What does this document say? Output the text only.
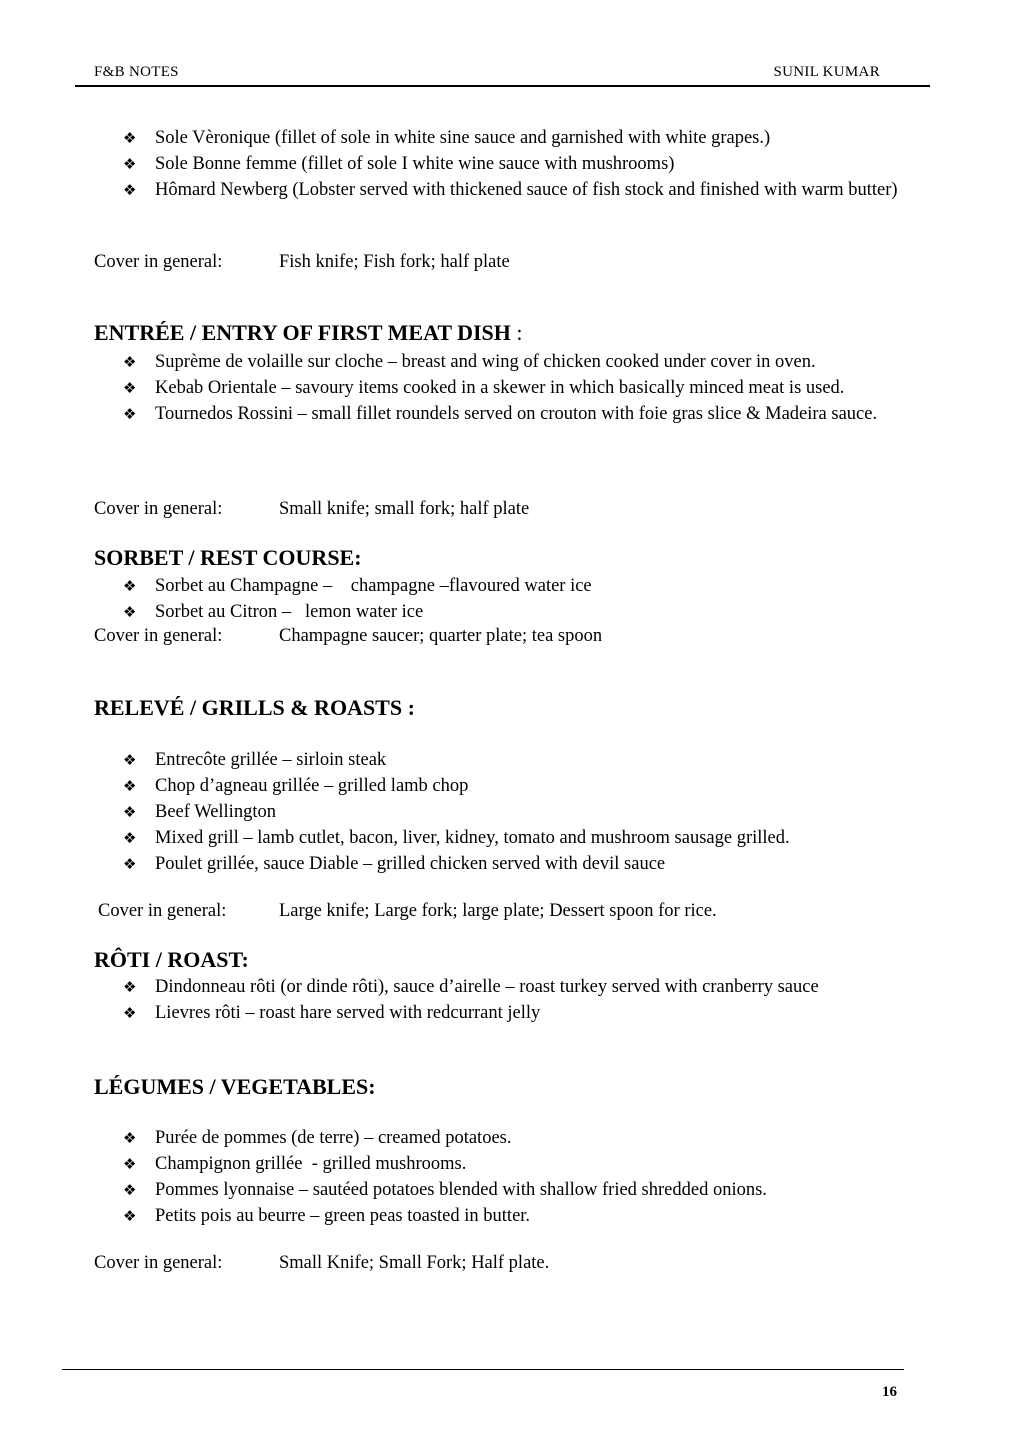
F&B NOTES	SUNIL KUMAR
❖ Sole Vèronique (fillet of sole in white sine sauce and garnished with white grapes.)
❖ Sole Bonne femme (fillet of sole I white wine sauce with mushrooms)
❖ Hômard Newberg (Lobster served with thickened sauce of fish stock and finished with warm butter)
Cover in general:	Fish knife; Fish fork; half plate
ENTRÉE / ENTRY OF FIRST MEAT DISH :
❖ Suprème de volaille sur cloche – breast and wing of chicken cooked under cover in oven.
❖ Kebab Orientale – savoury items cooked in a skewer in which basically minced meat is used.
❖ Tournedos Rossini – small fillet roundels served on crouton with foie gras slice & Madeira sauce.
Cover in general:	Small knife; small fork; half plate
SORBET / REST COURSE:
❖ Sorbet au Champagne –    champagne –flavoured water ice
❖ Sorbet au Citron –   lemon water ice
Cover in general:	Champagne saucer; quarter plate; tea spoon
RELEVÉ / GRILLS & ROASTS :
❖ Entrecôte grillée – sirloin steak
❖ Chop d’agneau grillée – grilled lamb chop
❖ Beef Wellington
❖ Mixed grill – lamb cutlet, bacon, liver, kidney, tomato and mushroom sausage grilled.
❖ Poulet grillée, sauce Diable – grilled chicken served with devil sauce
Cover in general:	Large knife; Large fork; large plate; Dessert spoon for rice.
RÔTI / ROAST:
❖ Dindonneau rôti (or dinde rôti), sauce d’airelle – roast turkey served with cranberry sauce
❖ Lievres rôti – roast hare served with redcurrant jelly
LÉGUMES / VEGETABLES:
❖ Purée de pommes (de terre) – creamed potatoes.
❖ Champignon grillée  - grilled mushrooms.
❖ Pommes lyonnaise – sautéed potatoes blended with shallow fried shredded onions.
❖ Petits pois au beurre – green peas toasted in butter.
Cover in general:	Small Knife; Small Fork; Half plate.
16
